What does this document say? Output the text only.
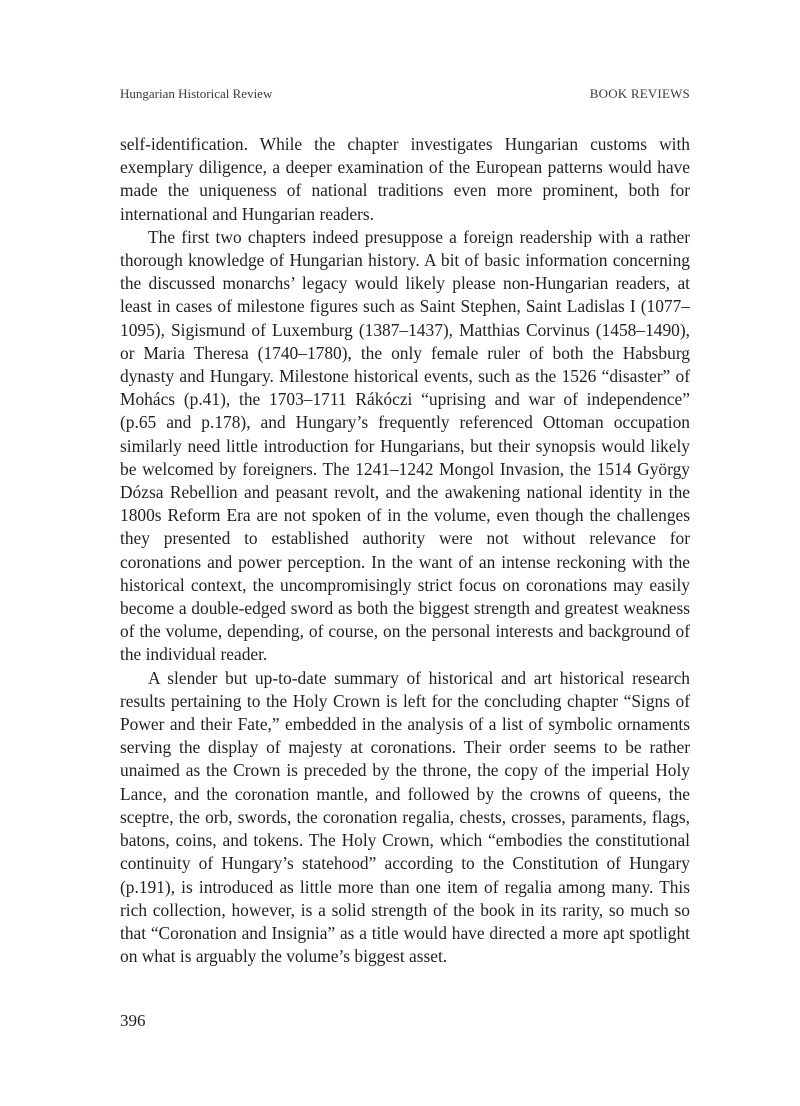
Hungarian Historical Review	BOOK REVIEWS

self-identification. While the chapter investigates Hungarian customs with exemplary diligence, a deeper examination of the European patterns would have made the uniqueness of national traditions even more prominent, both for international and Hungarian readers.

The first two chapters indeed presuppose a foreign readership with a rather thorough knowledge of Hungarian history. A bit of basic information concerning the discussed monarchs’ legacy would likely please non-Hungarian readers, at least in cases of milestone figures such as Saint Stephen, Saint Ladislas I (1077–1095), Sigismund of Luxemburg (1387–1437), Matthias Corvinus (1458–1490), or Maria Theresa (1740–1780), the only female ruler of both the Habsburg dynasty and Hungary. Milestone historical events, such as the 1526 “disaster” of Mohács (p.41), the 1703–1711 Rákóczi “uprising and war of independence” (p.65 and p.178), and Hungary’s frequently referenced Ottoman occupation similarly need little introduction for Hungarians, but their synopsis would likely be welcomed by foreigners. The 1241–1242 Mongol Invasion, the 1514 György Dózsa Rebellion and peasant revolt, and the awakening national identity in the 1800s Reform Era are not spoken of in the volume, even though the challenges they presented to established authority were not without relevance for coronations and power perception. In the want of an intense reckoning with the historical context, the uncompromisingly strict focus on coronations may easily become a double-edged sword as both the biggest strength and greatest weakness of the volume, depending, of course, on the personal interests and background of the individual reader.

A slender but up-to-date summary of historical and art historical research results pertaining to the Holy Crown is left for the concluding chapter “Signs of Power and their Fate,” embedded in the analysis of a list of symbolic ornaments serving the display of majesty at coronations. Their order seems to be rather unaimed as the Crown is preceded by the throne, the copy of the imperial Holy Lance, and the coronation mantle, and followed by the crowns of queens, the sceptre, the orb, swords, the coronation regalia, chests, crosses, paraments, flags, batons, coins, and tokens. The Holy Crown, which “embodies the constitutional continuity of Hungary’s statehood” according to the Constitution of Hungary (p.191), is introduced as little more than one item of regalia among many. This rich collection, however, is a solid strength of the book in its rarity, so much so that “Coronation and Insignia” as a title would have directed a more apt spotlight on what is arguably the volume’s biggest asset.

396
